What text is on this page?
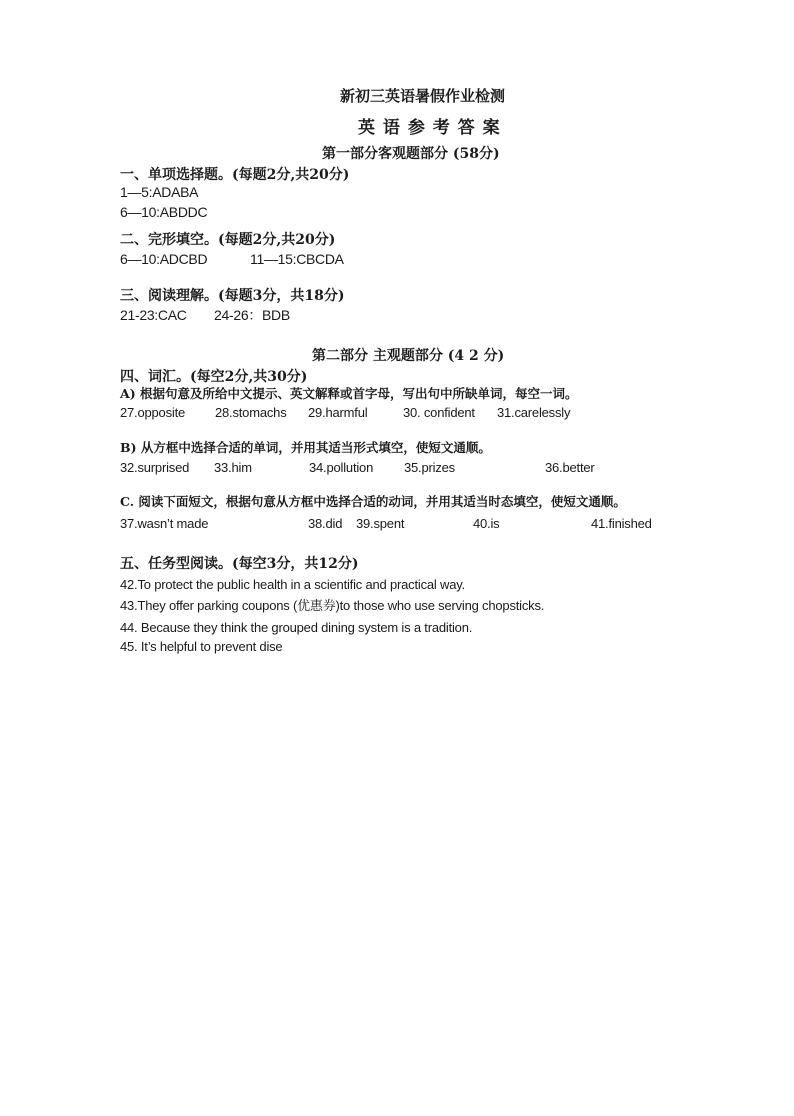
新初三英语暑假作业检测
英 语 参 考 答 案
第一部分客观题部分 (58分)
一、单项选择题。(每题2分,共20分)
1—5:ADABA
6—10:ABDDC
二、完形填空。(每题2分,共20分)
6—10:ADCBD	11—15:CBCDA
三、阅读理解。(每题3分，共18分)
21-23:CAC 24-26：BDB
第二部分 主观题部分 (4 2 分)
四、词汇。(每空2分,共30分)
A) 根据句意及所给中文提示、英文解释或首字母，写出句中所缺单词，每空一词。
27.opposite 28.stomachs 29.harmful	30. confident 31.carelessly
B) 从方框中选择合适的单词，并用其适当形式填空，使短文通顺。
32.surprised 33.him	34.pollution 35.prizes	36.better
C. 阅读下面短文，根据句意从方框中选择合适的动词，并用其适当时态填空，使短文通顺。
37.wasn’t made	38.did 39.spent	40.is	41.finished
五、任务型阅读。(每空3分，共12分)
42.To protect the public health in a scientific and practical way.
43.They offer parking coupons (优惠券)to those who use serving chopsticks.
44. Because they think the grouped dining system is a tradition.
45. It’s helpful to prevent dise
